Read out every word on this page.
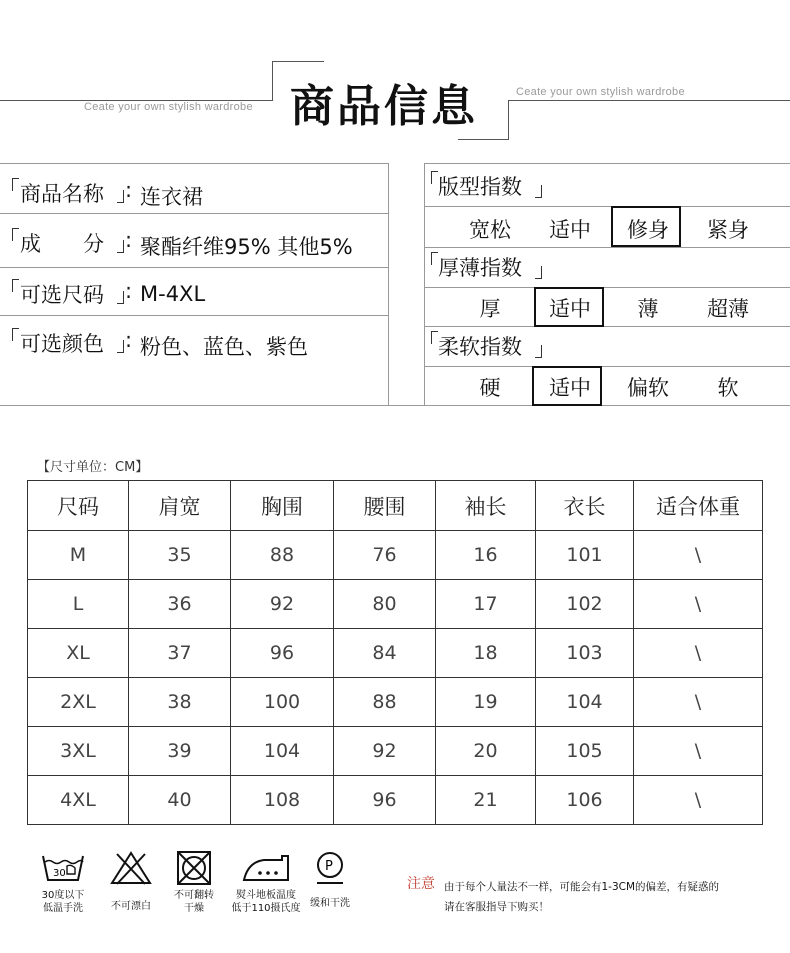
商品信息
Ceate your own stylish wardrobe
Ceate your own stylish wardrobe
商品名称	: 连衣裙
成　　分	: 聚酯纤维95% 其他5%
可选尺码	: M-4XL
可选颜色	: 粉色、蓝色、紫色
版型指数
宽松	适中	修身	紧身
厚薄指数
厚	适中	薄	超薄
柔软指数
硬	适中	偏软	软
【尺寸单位：CM】
尺码	肩宽	胸围	腰围	袖长	衣长	适合体重
M	35	88	76	16	101	\
L	36	92	80	17	102	\
XL	37	96	84	18	103	\
2XL	38	100	88	19	104	\
3XL	39	104	92	20	105	\
4XL	40	108	96	21	106	\
30
30度以下
低温手洗	不可漂白
不可翻转
干燥
熨斗地板温度
低于110摄氏度
P
缓和干洗
注意 由于每个人量法不一样，可能会有1-3CM的偏差，有疑惑的
请在客服指导下购买！
